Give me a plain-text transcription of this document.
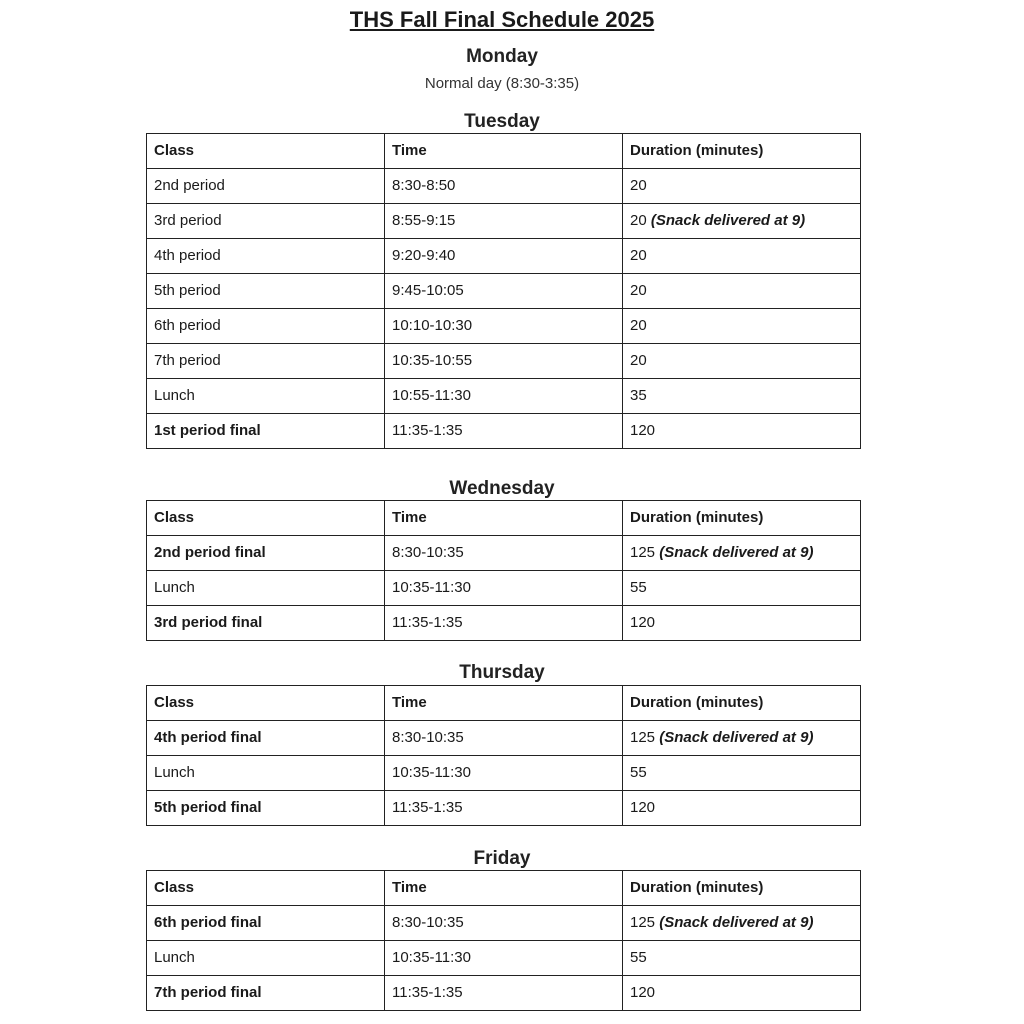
THS Fall Final Schedule 2025
Monday
Normal day (8:30-3:35)
Tuesday
Class	Time	Duration (minutes)
2nd period	8:30-8:50	20
3rd period	8:55-9:15	20 (Snack delivered at 9)
4th period	9:20-9:40	20
5th period	9:45-10:05	20
6th period	10:10-10:30	20
7th period	10:35-10:55	20
Lunch	10:55-11:30	35
1st period final	11:35-1:35	120
Wednesday
Class	Time	Duration (minutes)
2nd period final	8:30-10:35	125 (Snack delivered at 9)
Lunch	10:35-11:30	55
3rd period final	11:35-1:35	120
Thursday
Class	Time	Duration (minutes)
4th period final	8:30-10:35	125 (Snack delivered at 9)
Lunch	10:35-11:30	55
5th period final	11:35-1:35	120
Friday
Class	Time	Duration (minutes)
6th period final	8:30-10:35	125 (Snack delivered at 9)
Lunch	10:35-11:30	55
7th period final	11:35-1:35	120
